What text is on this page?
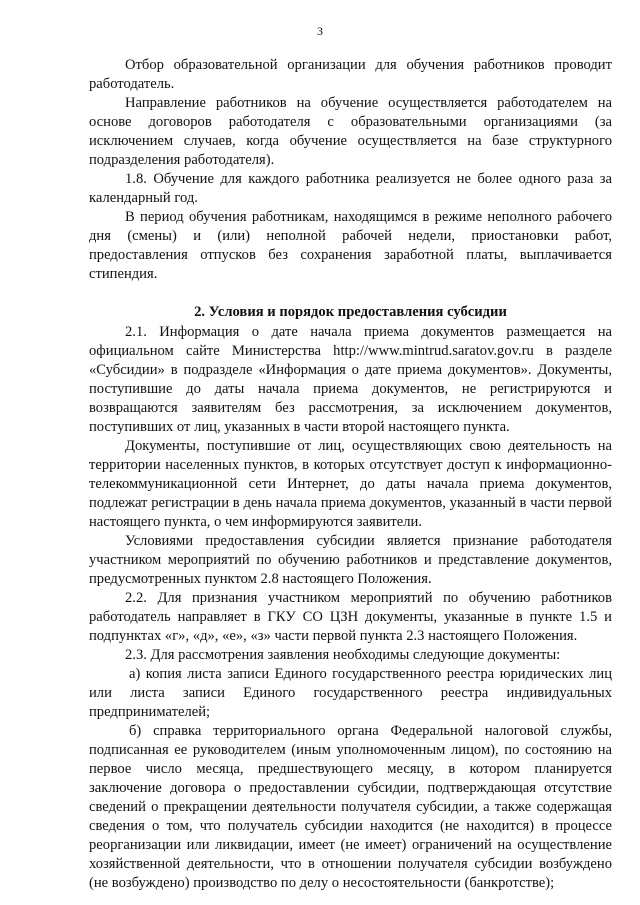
3

Отбор образовательной организации для обучения работников проводит работодатель.

Направление работников на обучение осуществляется работодателем на основе договоров работодателя с образовательными организациями (за исключением случаев, когда обучение осуществляется на базе структурного подразделения работодателя).

1.8. Обучение для каждого работника реализуется не более одного раза за календарный год.

В период обучения работникам, находящимся в режиме неполного рабочего дня (смены) и (или) неполной рабочей недели, приостановки работ, предоставления отпусков без сохранения заработной платы, выплачивается стипендия.

2. Условия и порядок предоставления субсидии

2.1. Информация о дате начала приема документов размещается на официальном сайте Министерства http://www.mintrud.saratov.gov.ru в разделе «Субсидии» в подразделе «Информация о дате приема документов». Документы, поступившие до даты начала приема документов, не регистрируются и возвращаются заявителям без рассмотрения, за исключением документов, поступивших от лиц, указанных в части второй настоящего пункта.

Документы, поступившие от лиц, осуществляющих свою деятельность на территории населенных пунктов, в которых отсутствует доступ к информационно-телекоммуникационной сети Интернет, до даты начала приема документов, подлежат регистрации в день начала приема документов, указанный в части первой настоящего пункта, о чем информируются заявители.

Условиями предоставления субсидии является признание работодателя участником мероприятий по обучению работников и представление документов, предусмотренных пунктом 2.8 настоящего Положения.

2.2. Для признания участником мероприятий по обучению работников работодатель направляет в ГКУ СО ЦЗН документы, указанные в пункте 1.5 и подпунктах «г», «д», «е», «з» части первой пункта 2.3 настоящего Положения.

2.3. Для рассмотрения заявления необходимы следующие документы:

а) копия листа записи Единого государственного реестра юридических лиц или листа записи Единого государственного реестра индивидуальных предпринимателей;

б) справка территориального органа Федеральной налоговой службы, подписанная ее руководителем (иным уполномоченным лицом), по состоянию на первое число месяца, предшествующего месяцу, в котором планируется заключение договора о предоставлении субсидии, подтверждающая отсутствие сведений о прекращении деятельности получателя субсидии, а также содержащая сведения о том, что получатель субсидии находится (не находится) в процессе реорганизации или ликвидации, имеет (не имеет) ограничений на осуществление хозяйственной деятельности, что в отношении получателя субсидии возбуждено (не возбуждено) производство по делу о несостоятельности (банкротстве);
